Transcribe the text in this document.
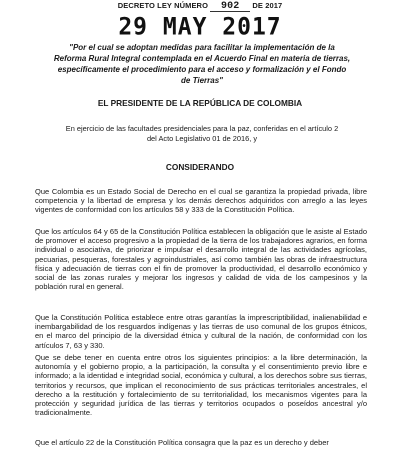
DECRETO LEY NÚMERO 902 DE 2017
29 MAY 2017
"Por el cual se adoptan medidas para facilitar la implementación de la Reforma Rural Integral contemplada en el Acuerdo Final en materia de tierras, específicamente el procedimiento para el acceso y formalización y el Fondo de Tierras"
EL PRESIDENTE DE LA REPÚBLICA DE COLOMBIA
En ejercicio de las facultades presidenciales para la paz, conferidas en el artículo 2 del Acto Legislativo 01 de 2016, y
CONSIDERANDO

Que Colombia es un Estado Social de Derecho en el cual se garantiza la propiedad privada, libre competencia y la libertad de empresa y los demás derechos adquiridos con arreglo a las leyes vigentes de conformidad con los artículos 58 y 333 de la Constitución Política.

Que los artículos 64 y 65 de la Constitución Política establecen la obligación que le asiste al Estado de promover el acceso progresivo a la propiedad de la tierra de los trabajadores agrarios, en forma individual o asociativa, de priorizar e impulsar el desarrollo integral de las actividades agrícolas, pecuarias, pesqueras, forestales y agroindustriales, así como también las obras de infraestructura física y adecuación de tierras con el fin de promover la productividad, el desarrollo económico y social de las zonas rurales y mejorar los ingresos y calidad de vida de los campesinos y la población rural en general.

Que la Constitución Política establece entre otras garantías la imprescriptibilidad, inalienabilidad e inembargabilidad de los resguardos indígenas y las tierras de uso comunal de los grupos étnicos, en el marco del principio de la diversidad étnica y cultural de la nación, de conformidad con los artículos 7, 63 y 330.

Que se debe tener en cuenta entre otros los siguientes principios: a la libre determinación, la autonomía y el gobierno propio, a la participación, la consulta y el consentimiento previo libre e informado; a la identidad e integridad social, económica y cultural, a los derechos sobre sus tierras, territorios y recursos, que implican el reconocimiento de sus prácticas territoriales ancestrales, el derecho a la restitución y fortalecimiento de su territorialidad, los mecanismos vigentes para la protección y seguridad jurídica de las tierras y territorios ocupados o poseídos ancestral y/o tradicionalmente.

Que el artículo 22 de la Constitución Política consagra que la paz es un derecho y deber
